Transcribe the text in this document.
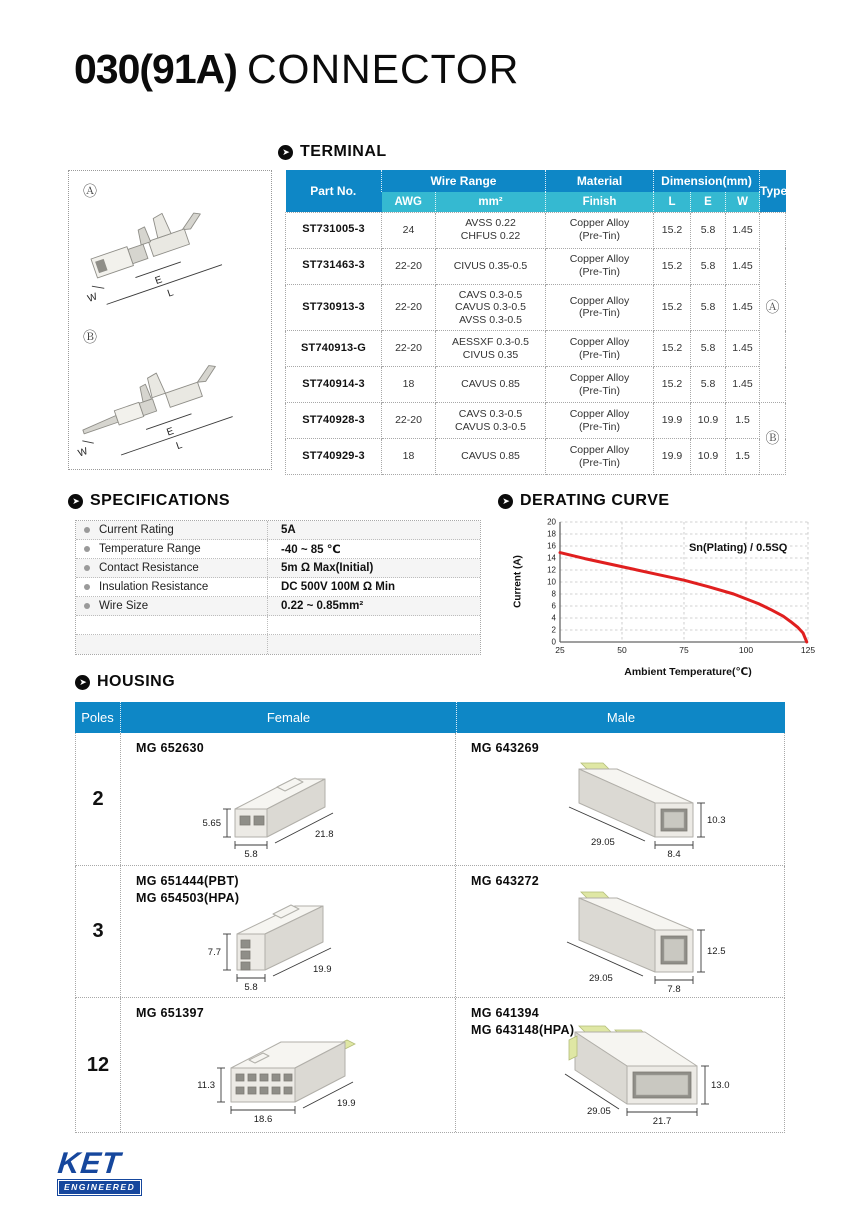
030(91A) CONNECTOR
➤ TERMINAL
Ⓐ
Ⓑ
W
E
L
W
E
L
Part No.	Wire Range		Material	Dimension(mm)			Type
	AWG	mm²	Finish	L	E	W	
ST731005-3	24	AVSS 0.22
CHFUS 0.22	Copper Alloy
(Pre-Tin)	15.2	5.8	1.45	Ⓐ
ST731463-3	22-20	CIVUS 0.35-0.5	Copper Alloy
(Pre-Tin)	15.2	5.8	1.45	
ST730913-3	22-20	CAVS 0.3-0.5
CAVUS 0.3-0.5
AVSS 0.3-0.5	Copper Alloy
(Pre-Tin)	15.2	5.8	1.45	
ST740913-G	22-20	AESSXF 0.3-0.5
CIVUS 0.35	Copper Alloy
(Pre-Tin)	15.2	5.8	1.45	
ST740914-3	18	CAVUS 0.85	Copper Alloy
(Pre-Tin)	15.2	5.8	1.45	
ST740928-3	22-20	CAVS 0.3-0.5
CAVUS 0.3-0.5	Copper Alloy
(Pre-Tin)	19.9	10.9	1.5	Ⓑ
ST740929-3	18	CAVUS 0.85	Copper Alloy
(Pre-Tin)	19.9	10.9	1.5	
➤ SPECIFICATIONS
Current Rating	5A
Temperature Range	-40 ~ 85 ℃
Contact Resistance	5m Ω Max(Initial)
Insulation Resistance	DC 500V 100M Ω Min
Wire Size	0.22 ~ 0.85mm²
➤ DERATING CURVE
Current (A)
0
2
4
6
8
10
12
14
16
18
20
25	50	75	100	125
Sn(Plating) / 0.5SQ
Ambient Temperature(℃)
➤ HOUSING
Poles	Female	Male
2
MG 652630
5.65
5.8
21.8
MG 643269
29.05
10.3
8.4
3
MG 651444(PBT)
MG 654503(HPA)
7.7
5.8
19.9
MG 643272
29.05
12.5
7.8
12
MG 651397
11.3
18.6
19.9
MG 641394
MG 643148(HPA)
29.05
13.0
21.7
KET
ENGINEERED
